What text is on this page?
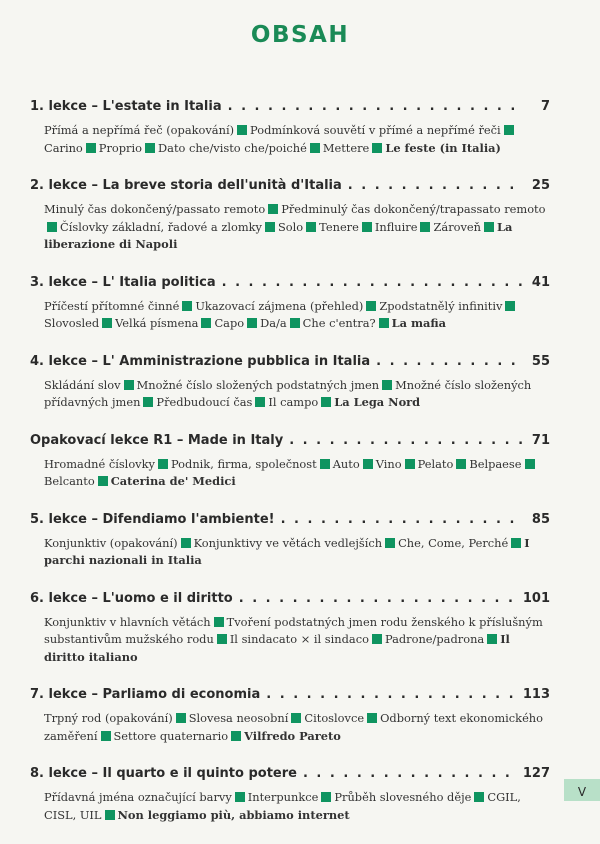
OBSAH
1. lekce – L'estate in Italia . . .	7
Přímá a nepřímá řeč (opakování) Podmínková souvětí v přímé a nepřímé řečiCarino Proprio Dato che/visto che/poiché Mettere Le feste (in Italia)
2. lekce – La breve storia dell'unità d'Italia . . .	25
Minulý čas dokončený/passato remoto Předminulý čas dokončený/trapassato remotoČíslovky základní, řadové a zlomky Solo Tenere Influire Zároveň La liberazione di Napoli
3. lekce – L' Italia politica . . .	41
Příčestí přítomné činné Ukazovací zájmena (přehled) Zpodstatnělý infinitivSlovosled Velká písmena Capo Da/a Che c'entra? La mafia
4. lekce – L' Amministrazione pubblica in Italia . . .	55
Skládání slov Množné číslo složených podstatných jmen Množné číslo složených přídavných jmen Předbudoucí čas Il campo La Lega Nord
Opakovací lekce R1 – Made in Italy . . .	71
Hromadné číslovky Podnik, firma, společnost Auto Vino Pelato BelpaeseBelcanto Caterina de' Medici
5. lekce – Difendiamo l'ambiente! . . .	85
Konjunktiv (opakování) Konjunktivy ve větách vedlejších Che, Come, Perché I parchi nazionali in Italia
6. lekce – L'uomo e il diritto . . .	101
Konjunktiv v hlavních větách Tvoření podstatných jmen rodu ženského k příslušným substantivům mužského rodu Il sindacato × il sindaco Padrone/padrona Il diritto italiano
7. lekce – Parliamo di economia . . .	113
Trpný rod (opakování) Slovesa neosobní Citoslovce Odborný text ekonomického zaměření Settore quaternario Vilfredo Pareto
8. lekce – Il quarto e il quinto potere . . .	127
Přídavná jména označující barvy Interpunkce Průběh slovesného děje CGIL, CISL, UIL Non leggiamo più, abbiamo internet
V
